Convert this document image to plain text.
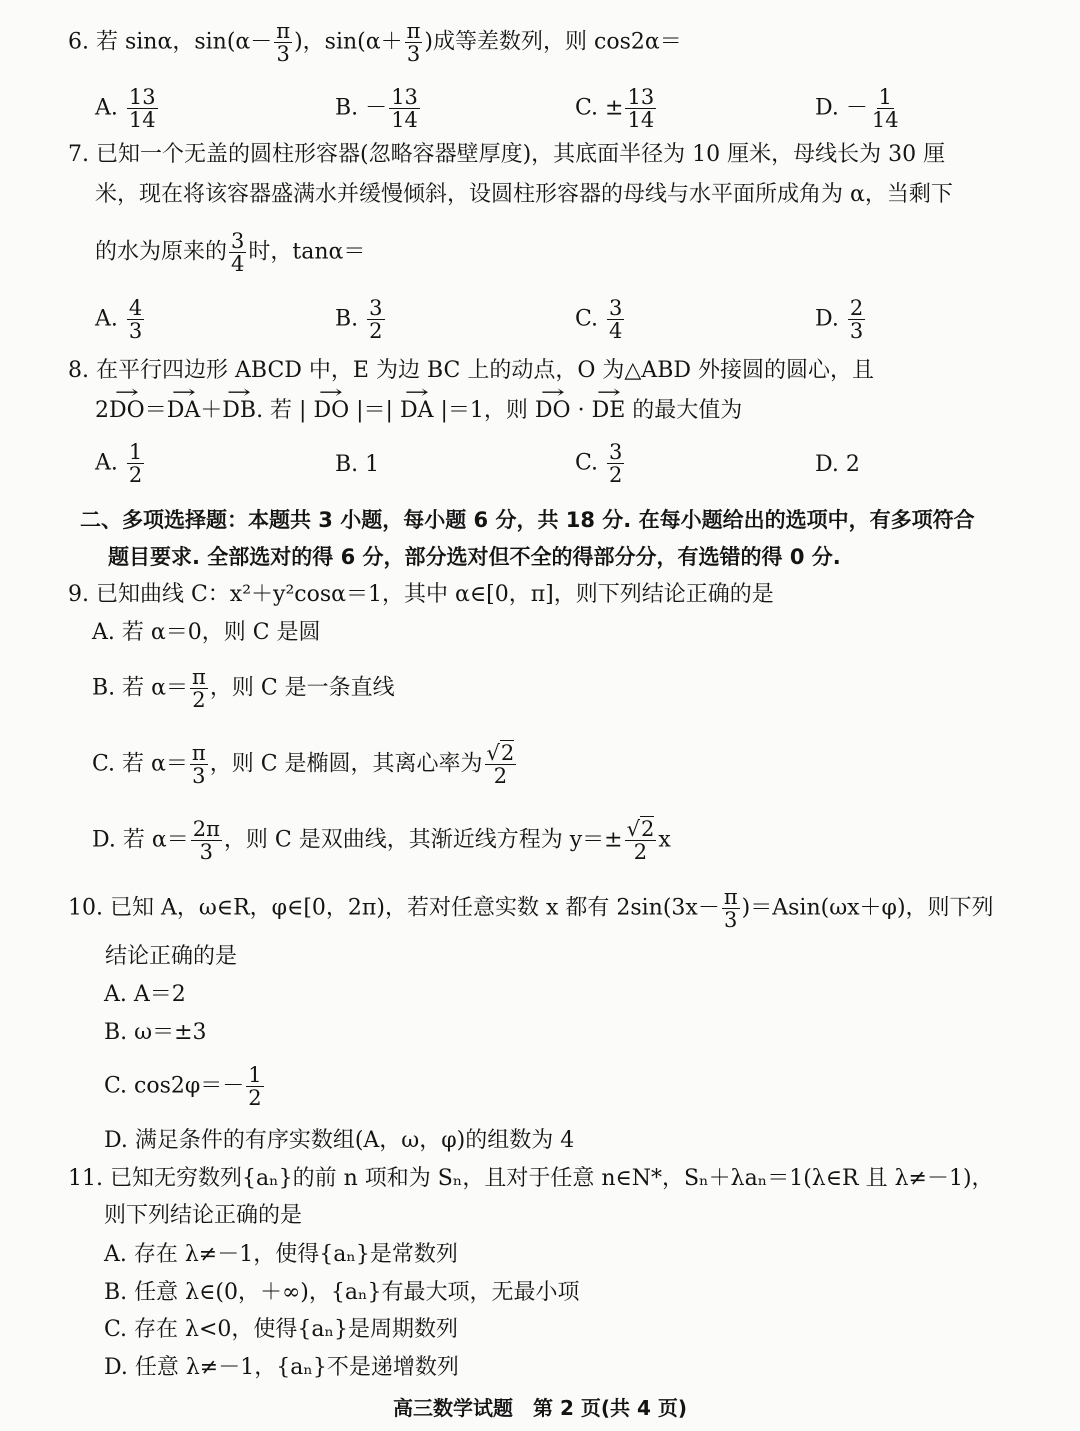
6. 若 sinα，$\sin(\alpha- \frac{\pi}{3}$ )，$\sin(\alpha+ \frac{\pi}{3}$ )成等差数列，则 cos2α＝
A. $\frac{13}{14}$	B. － $\frac{13}{14}$	C. ± $\frac{13}{14}$	D. － $\frac{1}{14}$
7. 已知一个无盖的圆柱形容器(忽略容器壁厚度)，其底面半径为 10 厘米，母线长为 30 厘
米，现在将该容器盛满水并缓慢倾斜，设圆柱形容器的母线与水平面所成角为 α，当剩下
的水为原来的 $\frac{3}{4}$ 时，tanα＝
A. $\frac{4}{3}$	B. $\frac{3}{2}$	C. $\frac{3}{4}$	D. $\frac{2}{3}$
8. 在平行四边形 ABCD 中，E 为边 BC 上的动点，O 为△ABD 外接圆的圆心，且
2→ DO＝→ DA＋→ DB. 若 | → DO |＝| → DA |＝1，则 → DO · → DE 的最大值为
A. $\frac{1}{2}$	B. 1	C. $\frac{3}{2}$	D. 2
二、多项选择题：本题共 3 小题，每小题 6 分，共 18 分. 在每小题给出的选项中，有多项符合
题目要求. 全部选对的得 6 分，部分选对但不全的得部分分，有选错的得 0 分.
9. 已知曲线 C：x²＋y²cosα＝1，其中 α∈[0，π]，则下列结论正确的是
A. 若 α＝0，则 C 是圆
B. 若 $\alpha= \frac{\pi}{2}$ ，则 C 是一条直线
C. 若 $\alpha= \frac{\pi}{3}$ ，则 C 是椭圆，其离心率为 $\frac{√2}{2}$
D. 若 $\alpha= \frac{2\pi}{3}$ ，则 C 是双曲线，其渐近线方程为 $y=\pm \frac{√2}{2}$ x
10. 已知 A，ω∈R，φ∈[0，2π)，若对任意实数 x 都有 $2\sin(3x- \frac{\pi}{3} )=Asin(\omega x+\varphi)$，则下列
结论正确的是
A. A＝2
B. ω＝±3
C. $\cos 2\varphi=- \frac{1}{2}$
D. 满足条件的有序实数组(A，ω，φ)的组数为 4
11. 已知无穷数列{aₙ}的前 n 项和为 Sₙ，且对于任意 n∈N*，Sₙ＋λaₙ＝1(λ∈R 且 λ≠－1)，
则下列结论正确的是
A. 存在 λ≠－1，使得{aₙ}是常数列
B. 任意 λ∈(0，＋∞)，{aₙ}有最大项，无最小项
C. 存在 λ<0，使得{aₙ}是周期数列
D. 任意 λ≠－1，{aₙ}不是递增数列
高三数学试题　第 2 页(共 4 页)
